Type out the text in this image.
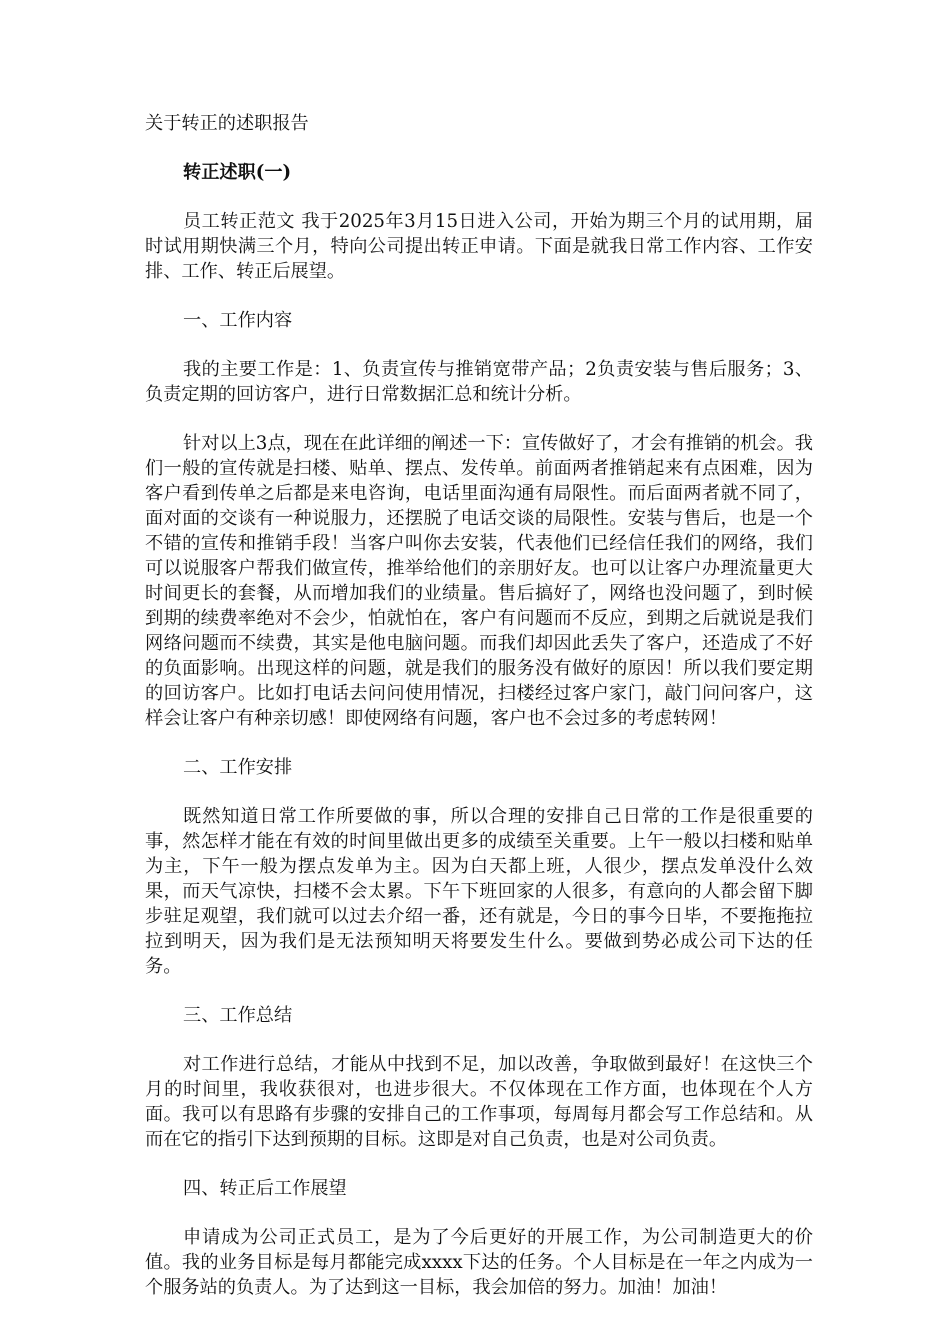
关于转正的述职报告

转正述职(一)

员工转正范文 我于2025年3月15日进入公司，开始为期三个月的试用期，届时试用期快满三个月，特向公司提出转正申请。下面是就我日常工作内容、工作安排、工作、转正后展望。

一、工作内容

我的主要工作是：1、负责宣传与推销宽带产品；2负责安装与售后服务；3、负责定期的回访客户，进行日常数据汇总和统计分析。

针对以上3点，现在在此详细的阐述一下：宣传做好了，才会有推销的机会。我们一般的宣传就是扫楼、贴单、摆点、发传单。前面两者推销起来有点困难，因为客户看到传单之后都是来电咨询，电话里面沟通有局限性。而后面两者就不同了，面对面的交谈有一种说服力，还摆脱了电话交谈的局限性。安装与售后，也是一个不错的宣传和推销手段！当客户叫你去安装，代表他们已经信任我们的网络，我们可以说服客户帮我们做宣传，推举给他们的亲朋好友。也可以让客户办理流量更大时间更长的套餐，从而增加我们的业绩量。售后搞好了，网络也没问题了，到时候到期的续费率绝对不会少，怕就怕在，客户有问题而不反应，到期之后就说是我们网络问题而不续费，其实是他电脑问题。而我们却因此丢失了客户，还造成了不好的负面影响。出现这样的问题，就是我们的服务没有做好的原因！所以我们要定期的回访客户。比如打电话去问问使用情况，扫楼经过客户家门，敲门问问客户，这样会让客户有种亲切感！即使网络有问题，客户也不会过多的考虑转网！

二、工作安排

既然知道日常工作所要做的事，所以合理的安排自己日常的工作是很重要的事，然怎样才能在有效的时间里做出更多的成绩至关重要。上午一般以扫楼和贴单为主，下午一般为摆点发单为主。因为白天都上班，人很少，摆点发单没什么效果，而天气凉快，扫楼不会太累。下午下班回家的人很多，有意向的人都会留下脚步驻足观望，我们就可以过去介绍一番，还有就是，今日的事今日毕，不要拖拖拉拉到明天，因为我们是无法预知明天将要发生什么。要做到势必成公司下达的任务。

三、工作总结

对工作进行总结，才能从中找到不足，加以改善，争取做到最好！在这快三个月的时间里，我收获很对，也进步很大。不仅体现在工作方面，也体现在个人方面。我可以有思路有步骤的安排自己的工作事项，每周每月都会写工作总结和。从而在它的指引下达到预期的目标。这即是对自己负责，也是对公司负责。

四、转正后工作展望

申请成为公司正式员工，是为了今后更好的开展工作，为公司制造更大的价值。我的业务目标是每月都能完成xxxx下达的任务。个人目标是在一年之内成为一个服务站的负责人。为了达到这一目标，我会加倍的努力。加油！加油！
